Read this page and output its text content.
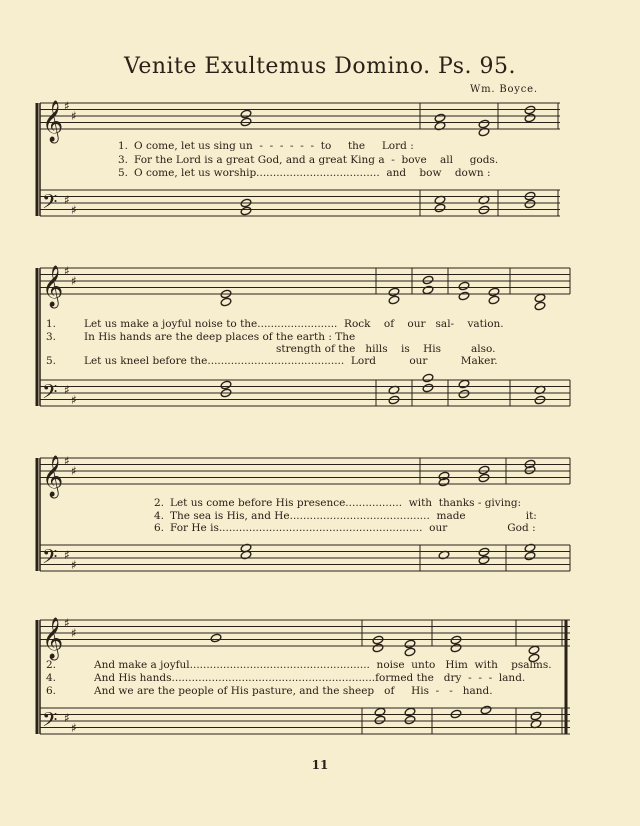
Venite Exultemus Domino. Ps. 95.
Wm. Boyce.
𝄞
𝄢
♯
♯
♯
♯
𝄞
𝄢
♯
♯
♯
♯
𝄞
𝄢
♯
♯
♯
♯
𝄞
𝄢
♯
♯
♯
♯
1. O come, let us sing un  -  -  -  -  -  -  to     the     Lord :
3. For the Lord is a great God, and a great King a  -  bove    all     gods.
5. O come, let us worship.....................................  and    bow    down :
1.	Let us make a joyful noise to the........................  Rock    of    our   sal-    vation.
3.	In His hands are the deep places of the earth : The
strength of the   hills    is    His         also.
5.	Let us kneel before the.........................................  Lord          our          Maker.
2. Let us come before His presence.................  with  thanks - giving:
4. The sea is His, and He..........................................  made                  it:
6. For He is.............................................................  our                  God :
2.	And make a joyful......................................................  noise  unto   Him  with    psalms.
4.	And His hands.............................................................formed the   dry  -  -  -  land.
6.	And we are the people of His pasture, and the sheep   of     His  -   -   hand.
11
